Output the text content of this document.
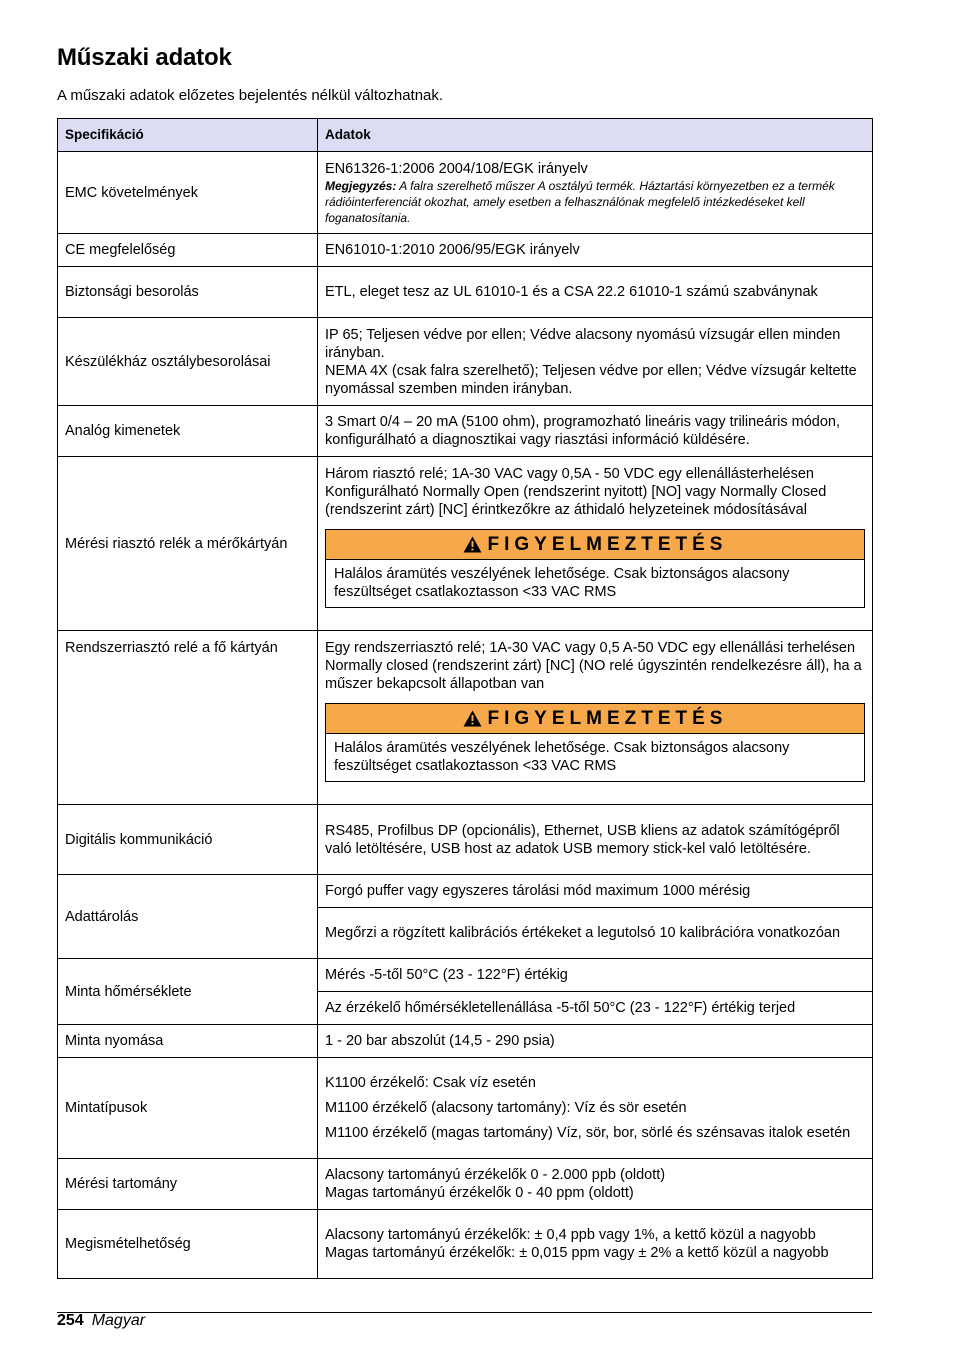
Műszaki adatok
A műszaki adatok előzetes bejelentés nélkül változhatnak.
Specifikáció	Adatok
EMC követelmények	EN61326-1:2006 2004/108/EGK irányelv
Megjegyzés: A falra szerelhető műszer A osztályú termék. Háztartási környezetben ez a termék rádióinterferenciát okozhat, amely esetben a felhasználónak megfelelő intézkedéseket kell foganatosítania.

CE megfelelőség	EN61010-1:2010 2006/95/EGK irányelv
Biztonsági besorolás	ETL, eleget tesz az UL 61010-1 és a CSA 22.2 61010-1 számú szabványnak
Készülékház osztálybesorolásai	IP 65; Teljesen védve por ellen; Védve alacsony nyomású vízsugár ellen minden irányban.
NEMA 4X (csak falra szerelhető); Teljesen védve por ellen; Védve vízsugár keltette nyomással szemben minden irányban.

Analóg kimenetek	3 Smart 0/4 – 20 mA (5100 ohm), programozható lineáris vagy trilineáris módon, konfigurálható a diagnosztikai vagy riasztási információ küldésére.
Mérési riasztó relék a mérőkártyán	Három riasztó relé; 1A-30 VAC vagy 0,5A - 50 VDC egy ellenállásterhelésen
Konfigurálható Normally Open (rendszerint nyitott) [NO] vagy Normally Closed (rendszerint zárt) [NC] érintkezőkre az áthidaló helyzeteinek módosításával
FIGYELMEZTETÉS
Halálos áramütés veszélyének lehetősége. Csak biztonságos alacsony feszültséget csatlakoztasson <33 VAC RMS

Rendszerriasztó relé a fő kártyán	Egy rendszerriasztó relé; 1A-30 VAC vagy 0,5 A-50 VDC egy ellenállási terhelésen
Normally closed (rendszerint zárt) [NC] (NO relé úgyszintén rendelkezésre áll), ha a műszer bekapcsolt állapotban van
FIGYELMEZTETÉS
Halálos áramütés veszélyének lehetősége. Csak biztonságos alacsony feszültséget csatlakoztasson <33 VAC RMS

Digitális kommunikáció	RS485, Profilbus DP (opcionális), Ethernet, USB kliens az adatok számítógépről való letöltésére, USB host az adatok USB memory stick-kel való letöltésére.
Adattárolás	Forgó puffer vagy egyszeres tárolási mód maximum 1000 mérésig
	Megőrzi a rögzített kalibrációs értékeket a legutolsó 10 kalibrációra vonatkozóan
Minta hőmérséklete	Mérés -5-től 50°C (23 - 122°F) értékig
	Az érzékelő hőmérsékletellenállása -5-től 50°C (23 - 122°F) értékig terjed
Minta nyomása	1 - 20 bar abszolút (14,5 - 290 psia)
Mintatípusok	K1100 érzékelő: Csak víz esetén

M1100 érzékelő (alacsony tartomány): Víz és sör esetén

M1100 érzékelő (magas tartomány) Víz, sör, bor, sörlé és szénsavas italok esetén

Mérési tartomány	Alacsony tartományú érzékelők 0 - 2.000 ppb (oldott)
Magas tartományú érzékelők 0 - 40 ppm (oldott)

Megismételhetőség	Alacsony tartományú érzékelők: ± 0,4 ppb vagy 1%, a kettő közül a nagyobb
Magas tartományú érzékelők: ± 0,015 ppm vagy ± 2% a kettő közül a nagyobb
254 Magyar
